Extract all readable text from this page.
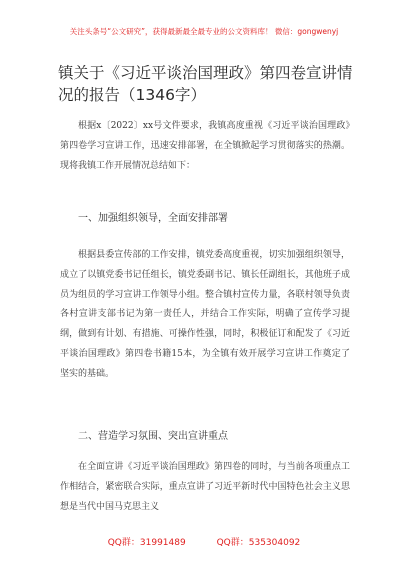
关注头条号“公文研究”，获得最新最全最专业的公文资料库！ 微信：gongwenyj
镇关于《习近平谈治国理政》第四卷宣讲情况的报告（1346字）
根据x〔2022〕xx号文件要求，我镇高度重视《习近平谈治国理政》第四卷学习宣讲工作，迅速安排部署，在全镇掀起学习贯彻落实的热潮。现将我镇工作开展情况总结如下：
一、加强组织领导，全面安排部署
根据县委宣传部的工作安排，镇党委高度重视，切实加强组织领导，成立了以镇党委书记任组长，镇党委副书记、镇长任副组长，其他班子成员为组员的学习宣讲工作领导小组。整合镇村宣传力量，各联村领导负责各村宣讲支部书记为第一责任人，并结合工作实际，明确了宣传学习提纲，做到有计划、有措施、可操作性强，同时，积极征订和配发了《习近平谈治国理政》第四卷书籍15本，为全镇有效开展学习宣讲工作奠定了坚实的基础。
二、营造学习氛围、突出宣讲重点
在全面宣讲《习近平谈治国理政》第四卷的同时，与当前各项重点工作相结合，紧密联合实际，重点宣讲了习近平新时代中国特色社会主义思想是当代中国马克思主义
QQ群：31991489	QQ群：535304092
